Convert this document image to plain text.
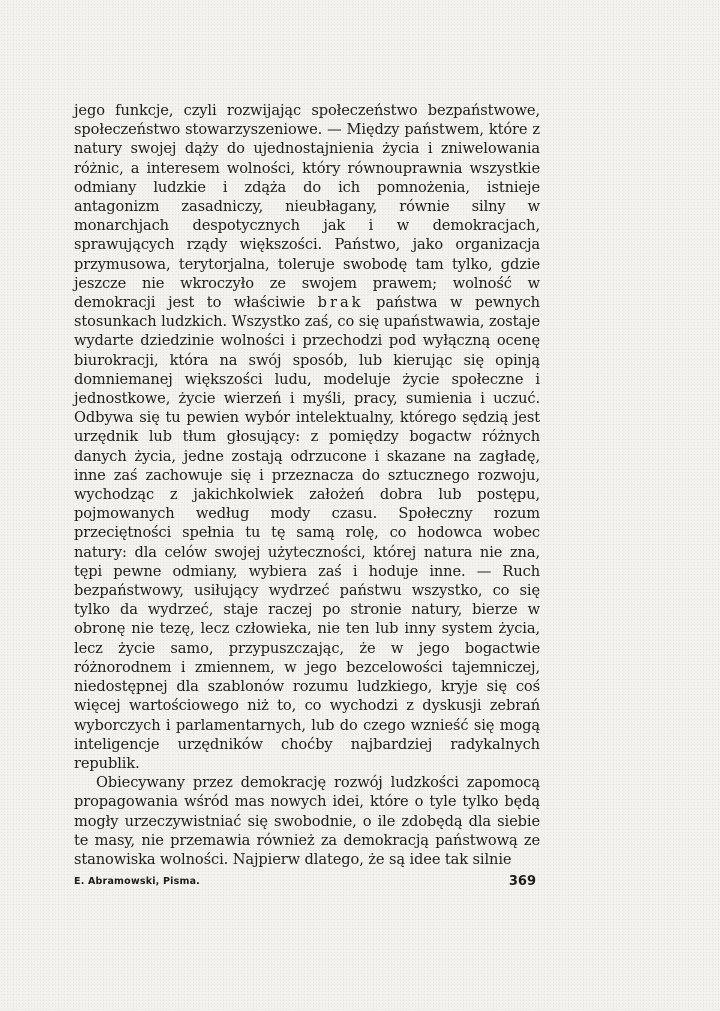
jego funkcje, czyli rozwijając społeczeństwo bezpaństwowe, społeczeństwo stowarzyszeniowe. — Między państwem, które z natury swojej dąży do ujednostajnienia życia i zniwelowania różnic, a interesem wolności, który równouprawnia wszystkie odmiany ludzkie i zdąża do ich pomnożenia, istnieje antagonizm zasadniczy, nieubłagany, równie silny w monarchjach despotycznych jak i w demokracjach, sprawujących rządy większości. Państwo, jako organizacja przymusowa, terytorjalna, toleruje swobodę tam tylko, gdzie jeszcze nie wkroczyło ze swojem prawem; wolność w demokracji jest to właściwie brak państwa w pewnych stosunkach ludzkich. Wszystko zaś, co się upaństwawia, zostaje wydarte dziedzinie wolności i przechodzi pod wyłączną ocenę biurokracji, która na swój sposób, lub kierując się opinją domniemanej większości ludu, modeluje życie społeczne i jednostkowe, życie wierzeń i myśli, pracy, sumienia i uczuć. Odbywa się tu pewien wybór intelektualny, którego sędzią jest urzędnik lub tłum głosujący: z pomiędzy bogactw różnych danych życia, jedne zostają odrzucone i skazane na zagładę, inne zaś zachowuje się i przeznacza do sztucznego rozwoju, wychodząc z jakichkolwiek założeń dobra lub postępu, pojmowanych według mody czasu. Społeczny rozum przeciętności spełnia tu tę samą rolę, co hodowca wobec natury: dla celów swojej użyteczności, której natura nie zna, tępi pewne odmiany, wybiera zaś i hoduje inne. — Ruch bezpaństwowy, usiłujący wydrzeć państwu wszystko, co się tylko da wydrzeć, staje raczej po stronie natury, bierze w obronę nie tezę, lecz człowieka, nie ten lub inny system życia, lecz życie samo, przypuszczając, że w jego bogactwie różnorodnem i zmiennem, w jego bezcelowości tajemniczej, niedostępnej dla szablonów rozumu ludzkiego, kryje się coś więcej wartościowego niż to, co wychodzi z dyskusji zebrań wyborczych i parlamentarnych, lub do czego wznieść się mogą inteligencje urzędników choćby najbardziej radykalnych republik.

Obiecywany przez demokrację rozwój ludzkości zapomocą propagowania wśród mas nowych idei, które o tyle tylko będą mogły urzeczywistniać się swobodnie, o ile zdobędą dla siebie te masy, nie przemawia również za demokracją państwową ze stanowiska wolności. Najpierw dlatego, że są idee tak silnie

E. Abramowski, Pisma.	369
